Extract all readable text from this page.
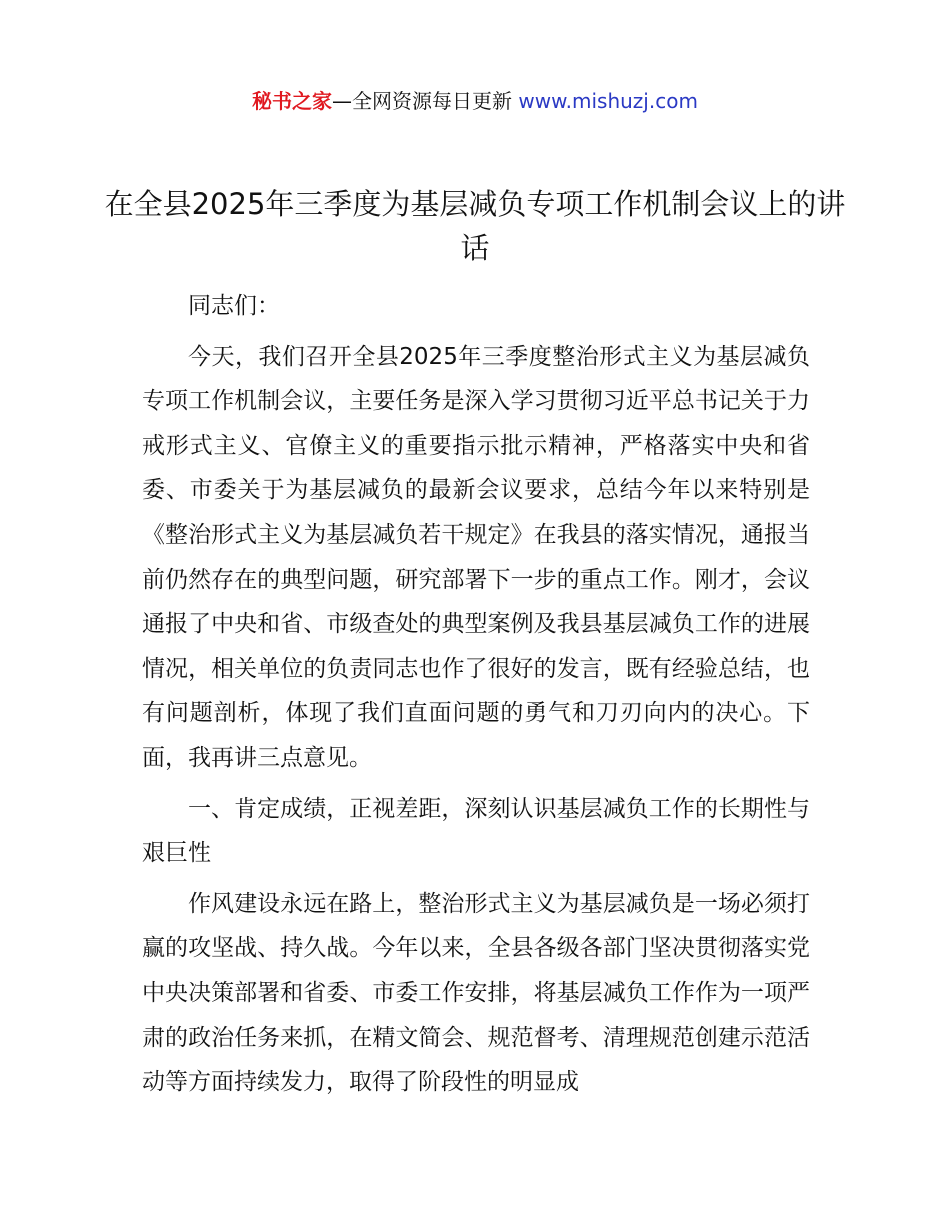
秘书之家—全网资源每日更新 www.mishuzj.com
在全县2025年三季度为基层减负专项工作机制会议上的讲话

同志们：

今天，我们召开全县2025年三季度整治形式主义为基层减负专项工作机制会议，主要任务是深入学习贯彻习近平总书记关于力戒形式主义、官僚主义的重要指示批示精神，严格落实中央和省委、市委关于为基层减负的最新会议要求，总结今年以来特别是《整治形式主义为基层减负若干规定》在我县的落实情况，通报当前仍然存在的典型问题，研究部署下一步的重点工作。刚才，会议通报了中央和省、市级查处的典型案例及我县基层减负工作的进展情况，相关单位的负责同志也作了很好的发言，既有经验总结，也有问题剖析，体现了我们直面问题的勇气和刀刃向内的决心。下面，我再讲三点意见。

一、肯定成绩，正视差距，深刻认识基层减负工作的长期性与艰巨性

作风建设永远在路上，整治形式主义为基层减负是一场必须打赢的攻坚战、持久战。今年以来，全县各级各部门坚决贯彻落实党中央决策部署和省委、市委工作安排，将基层减负工作作为一项严肃的政治任务来抓，在精文简会、规范督考、清理规范创建示范活动等方面持续发力，取得了阶段性的明显成
